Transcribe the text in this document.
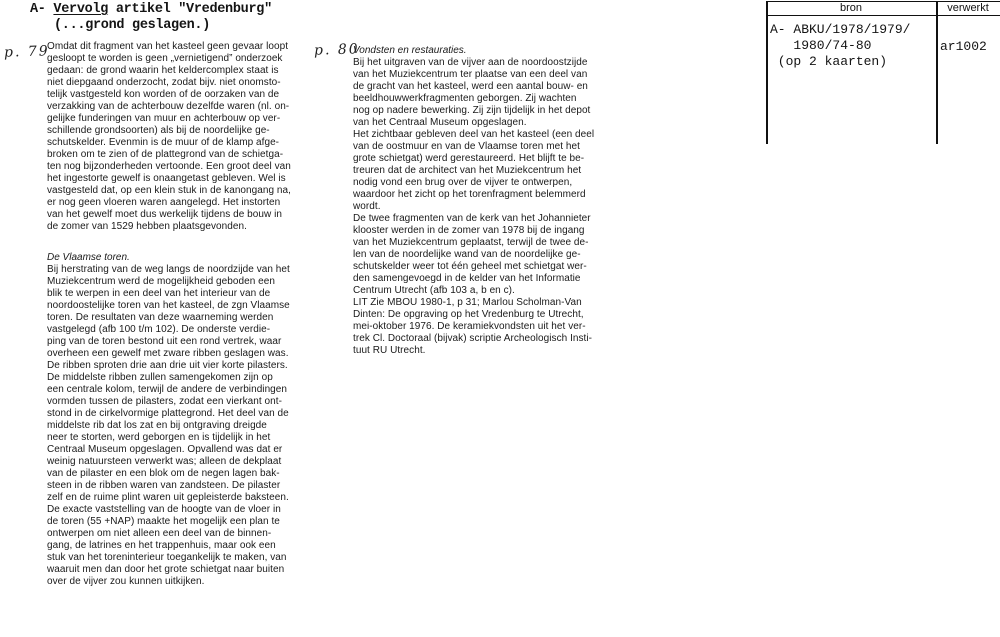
A- Vervolg artikel "Vredenburg"
(...grond geslagen.)
p. 79	p. 80

Omdat dit fragment van het kasteel geen gevaar loopt
gesloopt te worden is geen „vernietigend” onderzoek
gedaan: de grond waarin het keldercomplex staat is
niet diepgaand onderzocht, zodat bijv. niet onomsto-
telijk vastgesteld kon worden of de oorzaken van de
verzakking van de achterbouw dezelfde waren (nl. on-
gelijke funderingen van muur en achterbouw op ver-
schillende grondsoorten) als bij de noordelijke ge-
schutskelder. Evenmin is de muur of de klamp afge-
broken om te zien of de plattegrond van de schietga-
ten nog bijzonderheden vertoonde. Een groot deel van
het ingestorte gewelf is onaangetast gebleven. Wel is
vastgesteld dat, op een klein stuk in de kanongang na,
er nog geen vloeren waren aangelegd. Het instorten
van het gewelf moet dus werkelijk tijdens de bouw in
de zomer van 1529 hebben plaatsgevonden.

De Vlaamse toren.

Bij herstrating van de weg langs de noordzijde van het
Muziekcentrum werd de mogelijkheid geboden een
blik te werpen in een deel van het interieur van de
noordoostelijke toren van het kasteel, de zgn Vlaamse
toren. De resultaten van deze waarneming werden
vastgelegd (afb 100 t/m 102). De onderste verdie-
ping van de toren bestond uit een rond vertrek, waar
overheen een gewelf met zware ribben geslagen was.
De ribben sproten drie aan drie uit vier korte pilasters.
De middelste ribben zullen samengekomen zijn op
een centrale kolom, terwijl de andere de verbindingen
vormden tussen de pilasters, zodat een vierkant ont-
stond in de cirkelvormige plattegrond. Het deel van de
middelste rib dat los zat en bij ontgraving dreigde
neer te storten, werd geborgen en is tijdelijk in het
Centraal Museum opgeslagen. Opvallend was dat er
weinig natuursteen verwerkt was; alleen de dekplaat
van de pilaster en een blok om de negen lagen bak-
steen in de ribben waren van zandsteen. De pilaster
zelf en de ruime plint waren uit gepleisterde baksteen.
De exacte vaststelling van de hoogte van de vloer in
de toren (55 +NAP) maakte het mogelijk een plan te
ontwerpen om niet alleen een deel van de binnen-
gang, de latrines en het trappenhuis, maar ook een
stuk van het toreninterieur toegankelijk te maken, van
waaruit men dan door het grote schietgat naar buiten
over de vijver zou kunnen uitkijken.

Vondsten en restauraties.

Bij het uitgraven van de vijver aan de noordoostzijde
van het Muziekcentrum ter plaatse van een deel van
de gracht van het kasteel, werd een aantal bouw- en
beeldhouwwerkfragmenten geborgen. Zij wachten
nog op nadere bewerking. Zij zijn tijdelijk in het depot
van het Centraal Museum opgeslagen.
Het zichtbaar gebleven deel van het kasteel (een deel
van de oostmuur en van de Vlaamse toren met het
grote schietgat) werd gerestaureerd. Het blijft te be-
treuren dat de architect van het Muziekcentrum het
nodig vond een brug over de vijver te ontwerpen,
waardoor het zicht op het torenfragment belemmerd
wordt.
De twee fragmenten van de kerk van het Johannieter
klooster werden in de zomer van 1978 bij de ingang
van het Muziekcentrum geplaatst, terwijl de twee de-
len van de noordelijke wand van de noordelijke ge-
schutskelder weer tot één geheel met schietgat wer-
den samengevoegd in de kelder van het Informatie
Centrum Utrecht (afb 103 a, b en c).
LIT Zie MBOU 1980-1, p 31; Marlou Scholman-Van
Dinten: De opgraving op het Vredenburg te Utrecht,
mei-oktober 1976. De keramiekvondsten uit het ver-
trek Cl. Doctoraal (bijvak) scriptie Archeologisch Insti-
tuut RU Utrecht.

bron	verwerkt
A- ABKU/1978/1979/
1980/74-80
(op 2 kaarten)
ar1002
